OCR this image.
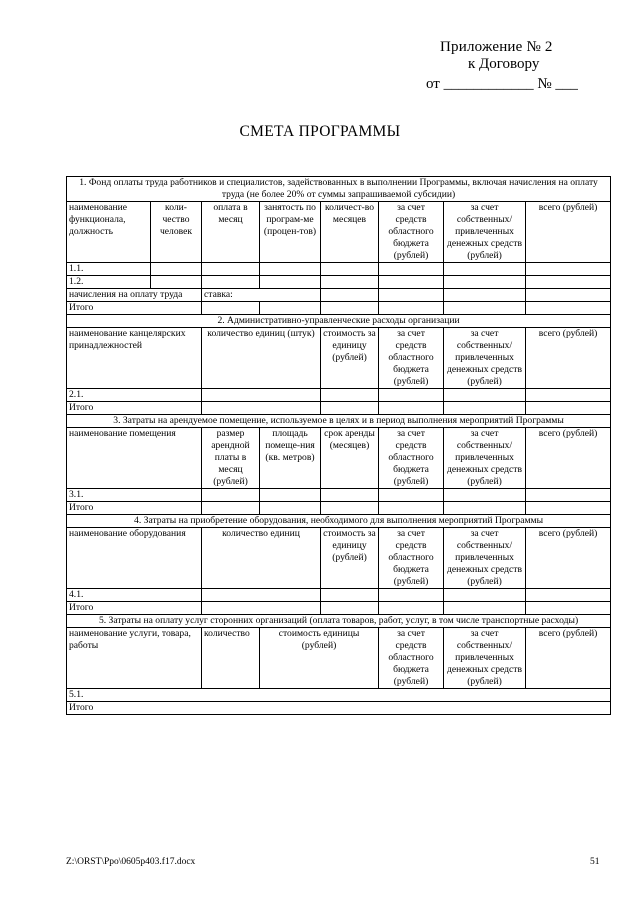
Приложение № 2
к Договору
от ____________ № ___
СМЕТА ПРОГРАММЫ
1. Фонд оплаты труда работников и специалистов, задействованных в выполнении Программы, включая начисления на оплату труда (не более 20% от суммы запрашиваемой субсидии)							
наименование функционала, должность	коли-чество человек	оплата в месяц	занятость по програм-ме (процен-тов)	количест-во месяцев	за счет средств областного бюджета (рублей)	за счет собственных/ привлеченных денежных средств (рублей)	всего (рублей)
1.1.							
1.2.							
начисления на оплату труда		ставка:					
Итого							
2. Административно-управленческие расходы организации							
наименование канцелярских принадлежностей		количество единиц (штук)		стоимость за единицу (рублей)	за счет средств областного бюджета (рублей)	за счет собственных/ привлеченных денежных средств (рублей)	всего (рублей)
2.1.							
Итого							
3. Затраты на арендуемое помещение, используемое в целях и в период выполнения мероприятий Программы							
наименование помещения		размер арендной платы в месяц (рублей)	площадь помеще-ния (кв. метров)	срок аренды (месяцев)	за счет средств областного бюджета (рублей)	за счет собственных/ привлеченных денежных средств (рублей)	всего (рублей)
3.1.							
Итого							
4. Затраты на приобретение оборудования, необходимого для выполнения мероприятий Программы							
наименование оборудования		количество единиц		стоимость за единицу (рублей)	за счет средств областного бюджета (рублей)	за счет собственных/ привлеченных денежных средств (рублей)	всего (рублей)
4.1.							
Итого							
5. Затраты на оплату услуг сторонних организаций (оплата товаров, работ, услуг, в том числе транспортные расходы)							
наименование услуги, товара, работы		количество	стоимость единицы (рублей)		за счет средств областного бюджета (рублей)	за счет собственных/ привлеченных денежных средств (рублей)	всего (рублей)
5.1.							
Итого							
Z:\ORST\Ppo\0605p403.f17.docx	51
